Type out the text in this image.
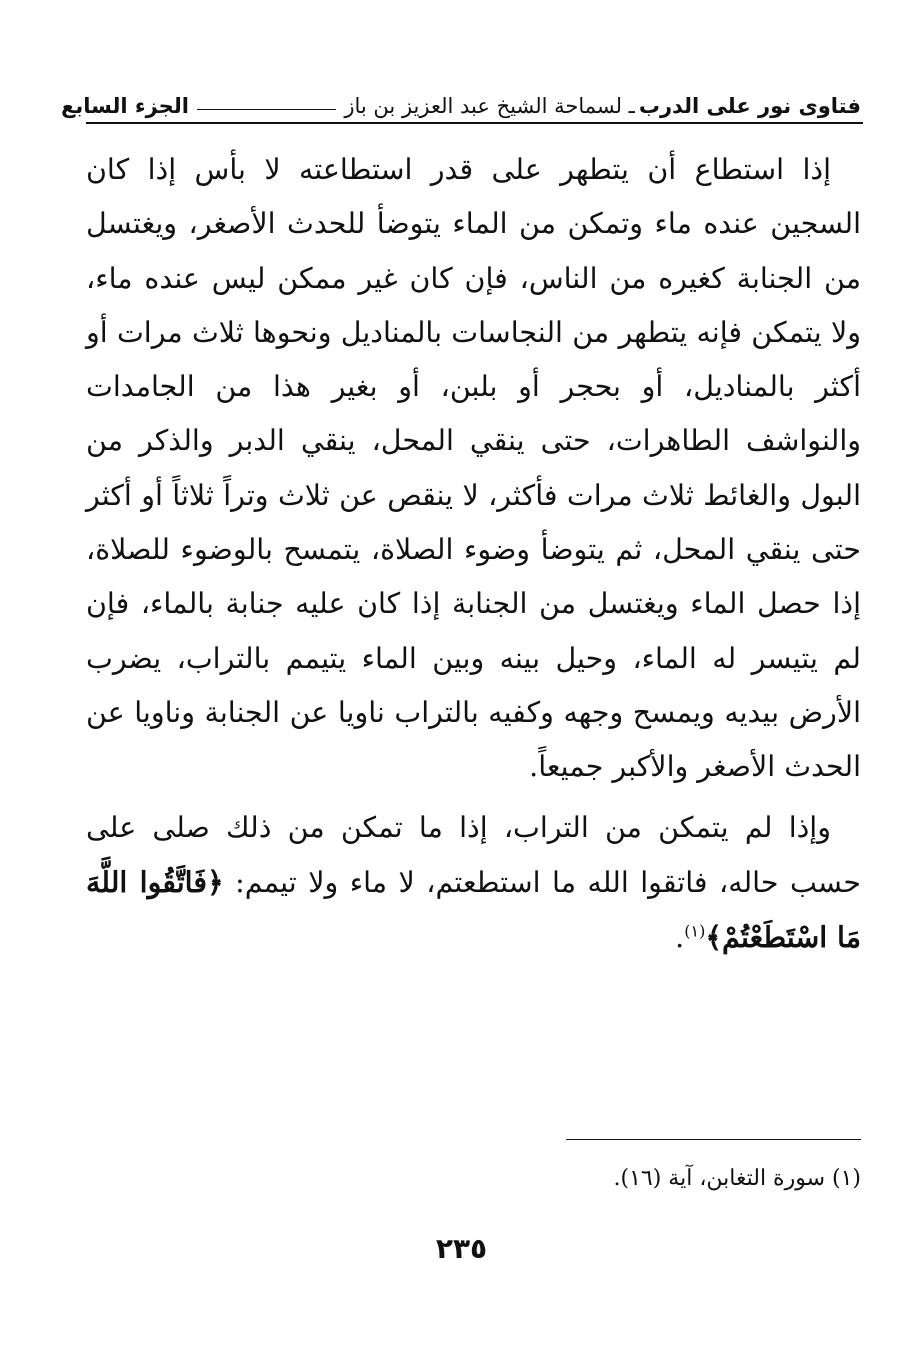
فتاوى نور على الدرب
ـ لسماحة الشيخ عبد العزيز بن باز
الجزء السابع

إذا استطاع أن يتطهر على قدر استطاعته لا بأس إذا كان السجين عنده ماء وتمكن من الماء يتوضأ للحدث الأصغر، ويغتسل من الجنابة كغيره من الناس، فإن كان غير ممكن ليس عنده ماء، ولا يتمكن فإنه يتطهر من النجاسات بالمناديل ونحوها ثلاث مرات أو أكثر بالمناديل، أو بحجر أو بلبن، أو بغير هذا من الجامدات والنواشف الطاهرات، حتى ينقي المحل، ينقي الدبر والذكر من البول والغائط ثلاث مرات فأكثر، لا ينقص عن ثلاث وتراً ثلاثاً أو أكثر حتى ينقي المحل، ثم يتوضأ وضوء الصلاة، يتمسح بالوضوء للصلاة، إذا حصل الماء ويغتسل من الجنابة إذا كان عليه جنابة بالماء، فإن لم يتيسر له الماء، وحيل بينه وبين الماء يتيمم بالتراب، يضرب الأرض بيديه ويمسح وجهه وكفيه بالتراب ناويا عن الجنابة وناويا عن الحدث الأصغر والأكبر جميعاً.

وإذا لم يتمكن من التراب، إذا ما تمكن من ذلك صلى على حسب حاله، فاتقوا الله ما استطعتم، لا ماء ولا تيمم: ﴿فَاتَّقُوا اللَّهَ مَا اسْتَطَعْتُمْ﴾$^{(١)}$.

(١) سورة التغابن، آية (١٦).
٢٣٥
